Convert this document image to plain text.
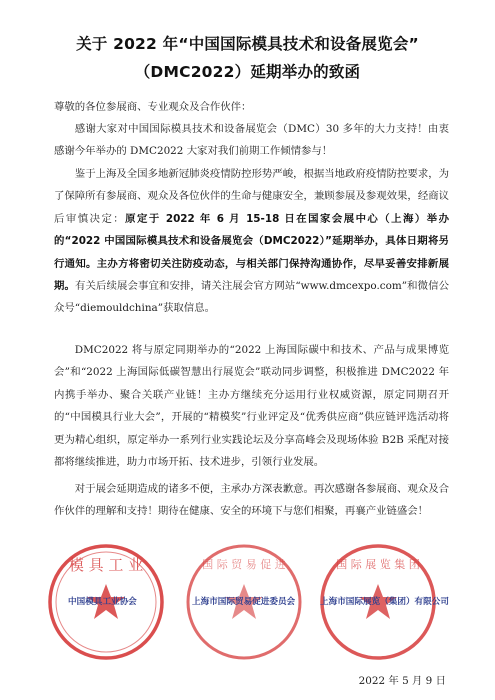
关于 2022 年“中国国际模具技术和设备展览会”
（DMC2022）延期举办的致函

尊敬的各位参展商、专业观众及合作伙伴：

感谢大家对中国国际模具技术和设备展览会（DMC）30 多年的大力支持！由衷感谢今年举办的 DMC2022 大家对我们前期工作倾情参与！

鉴于上海及全国多地新冠肺炎疫情防控形势严峻，根据当地政府疫情防控要求，为了保障所有参展商、观众及各位伙伴的生命与健康安全，兼顾参展及参观效果，经商议后审慎决定：原定于 2022 年 6 月 15-18 日在国家会展中心（上海）举办的“2022 中国国际模具技术和设备展览会（DMC2022）”延期举办，具体日期将另行通知。主办方将密切关注防疫动态，与相关部门保持沟通协作，尽早妥善安排新展期。有关后续展会事宜和安排，请关注展会官方网站“www.dmcexpo.com”和微信公众号“diemouldchina”获取信息。

DMC2022 将与原定同期举办的“2022 上海国际碳中和技术、产品与成果博览会”和“2022 上海国际低碳智慧出行展览会”联动同步调整，积极推进 DMC2022 年内携手举办、聚合关联产业链！主办方继续充分运用行业权威资源，原定同期召开的“中国模具行业大会”，开展的“精模奖”行业评定及“优秀供应商”供应链评选活动将更为精心组织，原定举办一系列行业实践论坛及分享高峰会及现场体验 B2B 采配对接都将继续推进，助力市场开拓、技术进步，引领行业发展。

对于展会延期造成的诸多不便，主承办方深表歉意。再次感谢各参展商、观众及合作伙伴的理解和支持！期待在健康、安全的环境下与您们相聚，再襄产业链盛会！

模 具 工 业	国 际 贸 易 促 进	国 际 展 览 集 团
中国模具工业协会	上海市国际贸易促进委员会	上海市国际展览（集团）有限公司
2022 年 5 月 9 日
